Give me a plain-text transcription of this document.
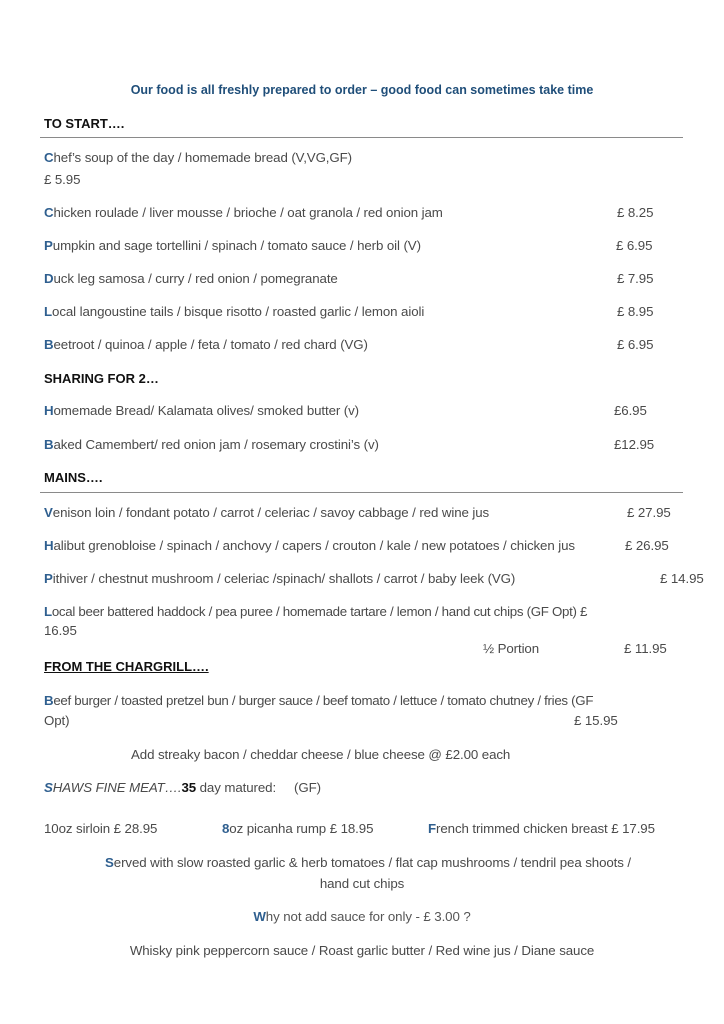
Our food is all freshly prepared to order – good food can sometimes take time
TO START….
Chef’s soup of the day / homemade bread (V,VG,GF)
£ 5.95
Chicken roulade / liver mousse / brioche / oat granola / red onion jam	£ 8.25
Pumpkin and sage tortellini / spinach / tomato sauce / herb oil (V)	£ 6.95
Duck leg samosa / curry / red onion / pomegranate	£ 7.95
Local langoustine tails / bisque risotto / roasted garlic / lemon aioli	£ 8.95
Beetroot / quinoa / apple / feta / tomato / red chard (VG)	£ 6.95
SHARING FOR 2…
Homemade Bread/ Kalamata olives/ smoked butter (v)	£6.95
Baked Camembert/ red onion jam / rosemary crostini’s (v)	£12.95
MAINS….
Venison loin / fondant potato / carrot / celeriac / savoy cabbage / red wine jus	£ 27.95
Halibut grenobloise / spinach / anchovy / capers / crouton / kale / new potatoes / chicken jus	£ 26.95
Pithiver / chestnut mushroom / celeriac /spinach/ shallots / carrot / baby leek (VG)	£ 14.95
Local beer battered haddock / pea puree / homemade tartare / lemon / hand cut chips (GF Opt) £
16.95
½ Portion	£ 11.95
FROM THE CHARGRILL….
Beef burger / toasted pretzel bun / burger sauce / beef tomato / lettuce / tomato chutney / fries (GF
Opt)	£ 15.95
Add streaky bacon / cheddar cheese / blue cheese @ £2.00 each
SHAWS FINE MEAT….35 day matured:     (GF)
10oz sirloin £ 28.95	8oz picanha rump £ 18.95	French trimmed chicken breast £ 17.95
Served with slow roasted garlic & herb tomatoes / flat cap mushrooms / tendril pea shoots /
hand cut chips
Why not add sauce for only - £ 3.00 ?
Whisky pink peppercorn sauce / Roast garlic butter / Red wine jus / Diane sauce
